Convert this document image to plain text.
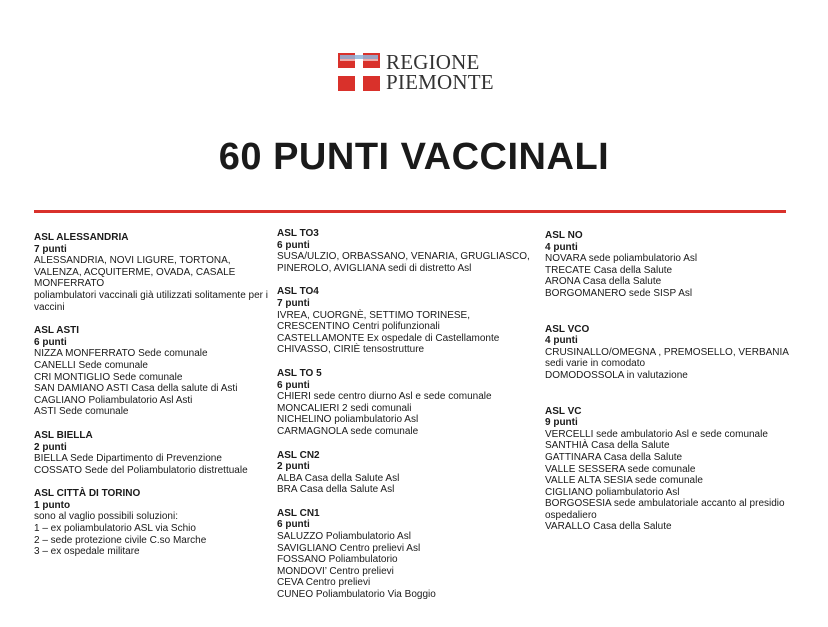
REGIONE
PIEMONTE
60 PUNTI VACCINALI
ASL ALESSANDRIA
7 punti
ALESSANDRIA, NOVI LIGURE, TORTONA, VALENZA, ACQUITERME, OVADA, CASALE MONFERRATO
poliambulatori vaccinali già utilizzati solitamente per i vaccini
ASL ASTI
6 punti
NIZZA MONFERRATO Sede comunale
CANELLI Sede comunale
CRI MONTIGLIO Sede comunale
SAN DAMIANO ASTI Casa della salute di Asti
CAGLIANO Poliambulatorio Asl Asti
ASTI Sede comunale
ASL BIELLA
2 punti
BIELLA Sede Dipartimento di Prevenzione
COSSATO Sede del Poliambulatorio distrettuale
ASL CITTÀ DI TORINO
1 punto
sono al vaglio possibili soluzioni:
1 – ex poliambulatorio ASL via Schio
2 – sede protezione civile C.so Marche
3 – ex ospedale militare
ASL TO3
6 punti
SUSA/ULZIO, ORBASSANO, VENARIA, GRUGLIASCO, PINEROLO, AVIGLIANA sedi di distretto Asl
ASL TO4
7 punti
IVREA, CUORGNÈ, SETTIMO TORINESE, CRESCENTINO Centri polifunzionali
CASTELLAMONTE Ex ospedale di Castellamonte
CHIVASSO, CIRIÈ tensostrutture
ASL TO 5
6 punti
CHIERI sede centro diurno Asl e sede comunale
MONCALIERI 2 sedi comunali
NICHELINO poliambulatorio Asl
CARMAGNOLA sede comunale
ASL CN2
2 punti
ALBA Casa della Salute Asl
BRA Casa della Salute Asl
ASL CN1
6 punti
SALUZZO Poliambulatorio Asl
SAVIGLIANO Centro prelievi Asl
FOSSANO Poliambulatorio
MONDOVI’ Centro prelievi
CEVA Centro prelievi
CUNEO Poliambulatorio Via Boggio
ASL NO
4 punti
NOVARA sede poliambulatorio Asl
TRECATE Casa della Salute
ARONA Casa della Salute
BORGOMANERO sede SISP Asl
ASL VCO
4 punti
CRUSINALLO/OMEGNA , PREMOSELLO, VERBANIA sedi varie in comodato
DOMODOSSOLA in valutazione
ASL VC
9 punti
VERCELLI sede ambulatorio Asl e sede comunale
SANTHIÀ Casa della Salute
GATTINARA Casa della Salute
VALLE SESSERA sede comunale
VALLE ALTA SESIA sede comunale
CIGLIANO poliambulatorio Asl
BORGOSESIA sede ambulatoriale accanto al presidio ospedaliero
VARALLO Casa della Salute
